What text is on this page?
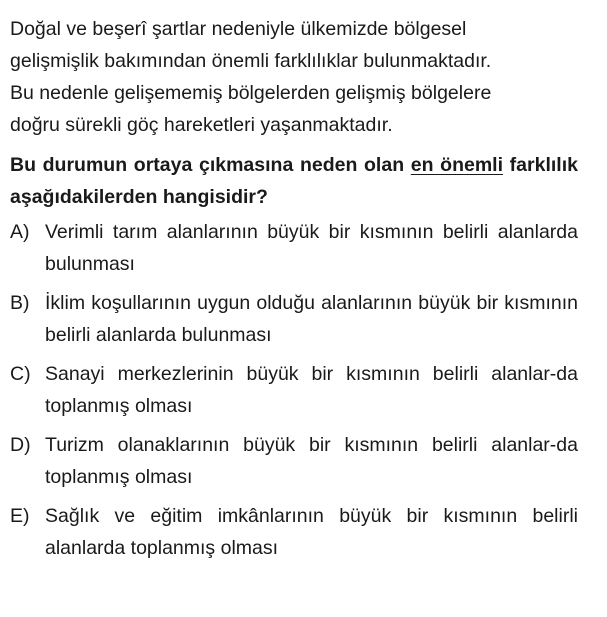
Doğal ve beşerî şartlar nedeniyle ülkemizde bölgesel
gelişmişlik bakımından önemli farklılıklar bulunmaktadır.
Bu nedenle gelişememiş bölgelerden gelişmiş bölgelere
doğru sürekli göç hareketleri yaşanmaktadır.

Bu durumun ortaya çıkmasına neden olan en önemli farklılık aşağıdakilerden hangisidir?

A) Verimli tarım alanlarının büyük bir kısmının belirli alanlarda bulunması
B) İklim koşullarının uygun olduğu alanlarının büyük bir kısmının belirli alanlarda bulunması
C) Sanayi merkezlerinin büyük bir kısmının belirli alanlar-da toplanmış olması
D) Turizm olanaklarının büyük bir kısmının belirli alanlar-da toplanmış olması
E) Sağlık ve eğitim imkânlarının büyük bir kısmının belirli alanlarda toplanmış olması
